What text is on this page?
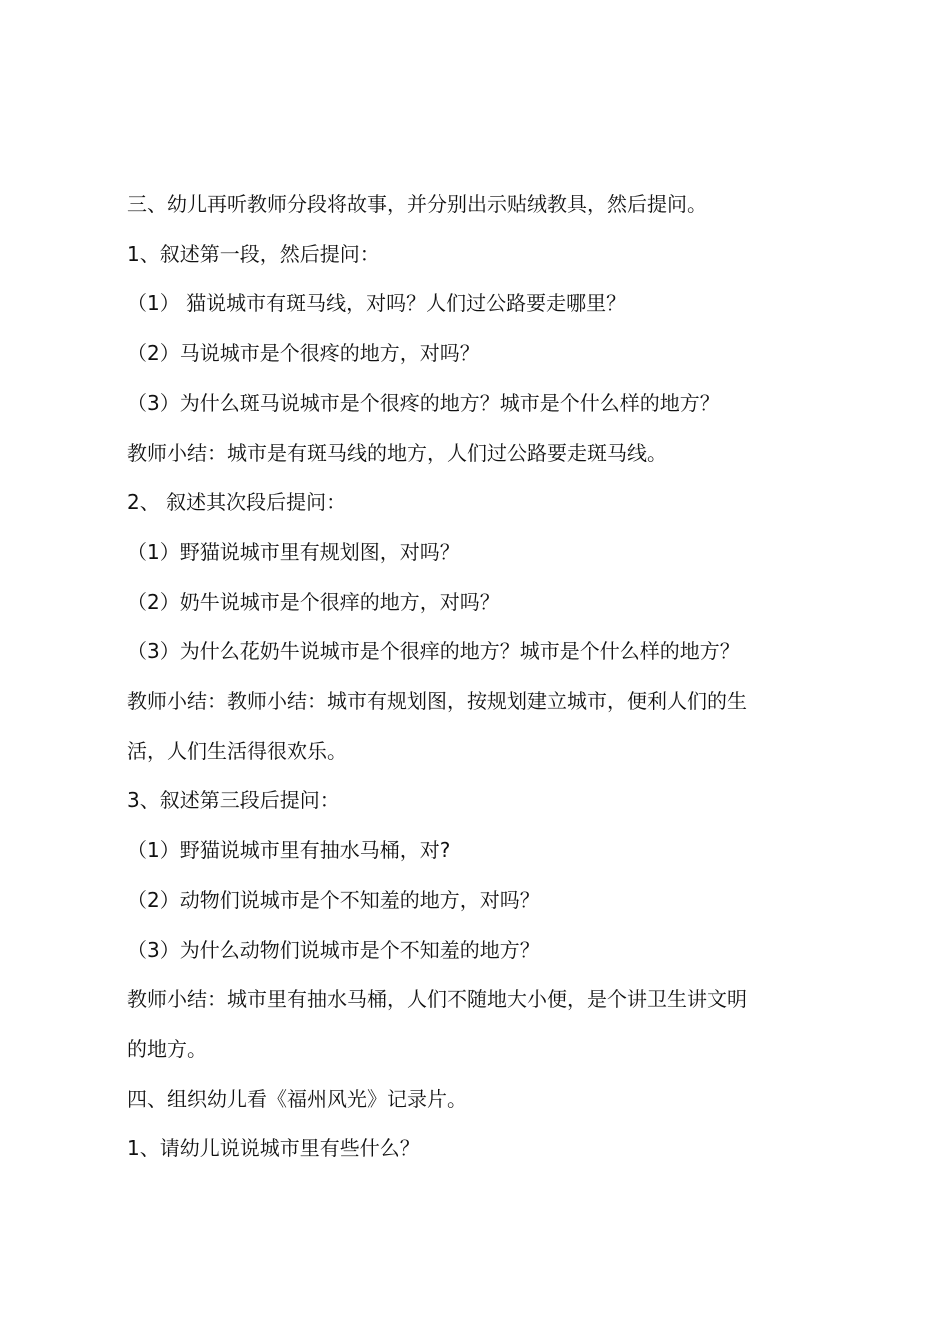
三、幼儿再听教师分段将故事，并分别出示贴绒教具，然后提问。

1、叙述第一段，然后提问：

（1） 猫说城市有斑马线，对吗？人们过公路要走哪里？

（2）马说城市是个很疼的地方，对吗？

（3）为什么斑马说城市是个很疼的地方？城市是个什么样的地方？

教师小结：城市是有斑马线的地方，人们过公路要走斑马线。

2、 叙述其次段后提问：

（1）野猫说城市里有规划图，对吗？

（2）奶牛说城市是个很痒的地方，对吗？

（3）为什么花奶牛说城市是个很痒的地方？城市是个什么样的地方？

教师小结：教师小结：城市有规划图，按规划建立城市，便利人们的生

活，人们生活得很欢乐。

3、叙述第三段后提问：

（1）野猫说城市里有抽水马桶，对?

（2）动物们说城市是个不知羞的地方，对吗？

（3）为什么动物们说城市是个不知羞的地方？

教师小结：城市里有抽水马桶，人们不随地大小便，是个讲卫生讲文明

的地方。

四、组织幼儿看《福州风光》记录片。

1、请幼儿说说城市里有些什么？
